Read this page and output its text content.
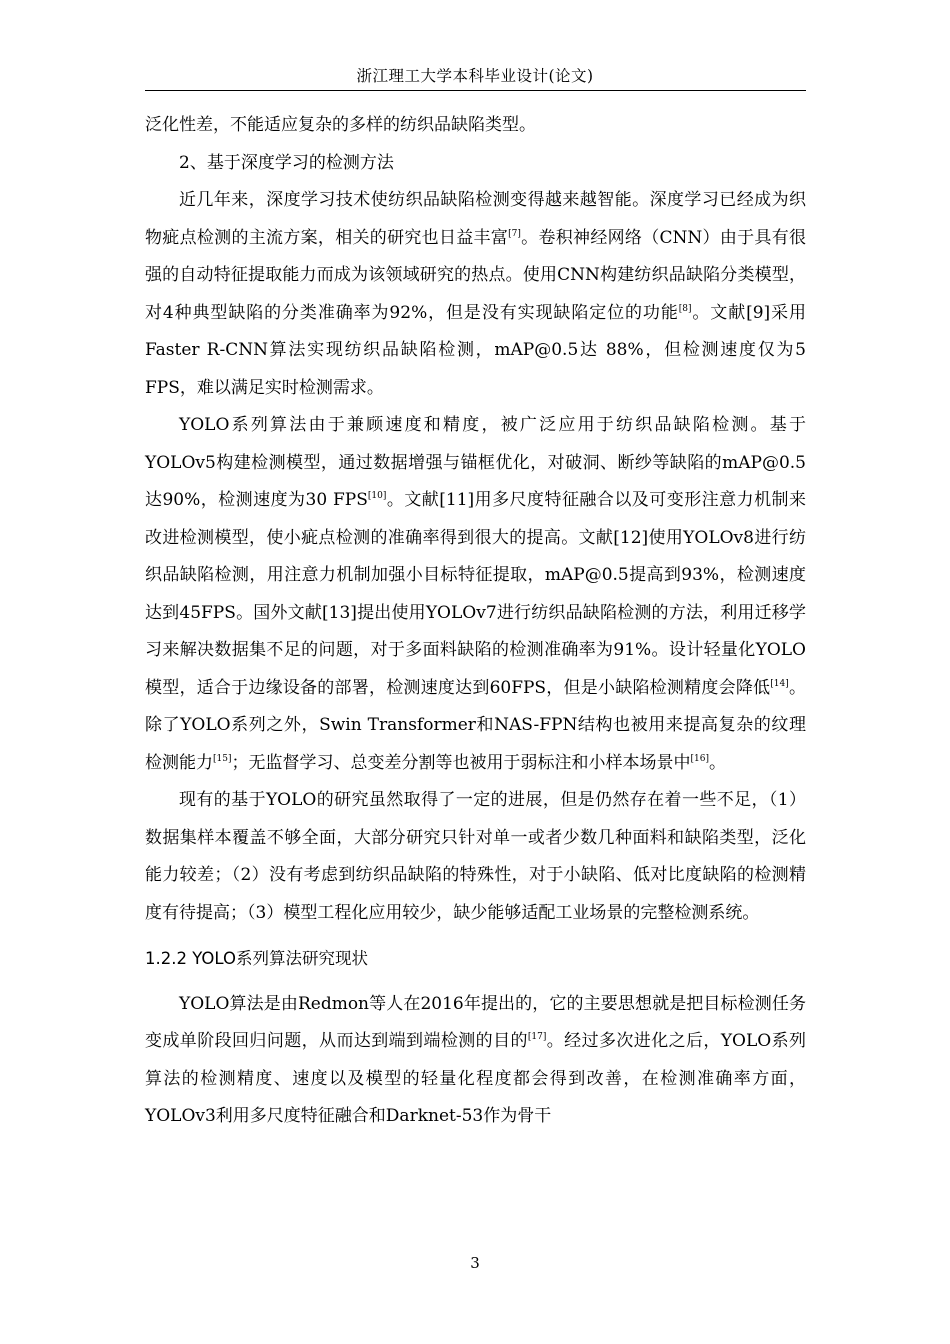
浙江理工大学本科毕业设计(论文)

泛化性差，不能适应复杂的多样的纺织品缺陷类型。

2、基于深度学习的检测方法

近几年来，深度学习技术使纺织品缺陷检测变得越来越智能。深度学习已经成为织物疵点检测的主流方案，相关的研究也日益丰富[7]。卷积神经网络（CNN）由于具有很强的自动特征提取能力而成为该领域研究的热点。使用CNN构建纺织品缺陷分类模型，对4种典型缺陷的分类准确率为92%，但是没有实现缺陷定位的功能[8]。文献[9]采用Faster R-CNN算法实现纺织品缺陷检测，mAP@0.5达 88%，但检测速度仅为5 FPS，难以满足实时检测需求。

YOLO系列算法由于兼顾速度和精度，被广泛应用于纺织品缺陷检测。基于 YOLOv5构建检测模型，通过数据增强与锚框优化，对破洞、断纱等缺陷的mAP@0.5达90%，检测速度为30 FPS[10]。文献[11]用多尺度特征融合以及可变形注意力机制来改进检测模型，使小疵点检测的准确率得到很大的提高。文献[12]使用YOLOv8进行纺织品缺陷检测，用注意力机制加强小目标特征提取，mAP@0.5提高到93%，检测速度达到45FPS。国外文献[13]提出使用YOLOv7进行纺织品缺陷检测的方法，利用迁移学习来解决数据集不足的问题，对于多面料缺陷的检测准确率为91%。设计轻量化YOLO模型，适合于边缘设备的部署，检测速度达到60FPS，但是小缺陷检测精度会降低[14]。除了YOLO系列之外，Swin Transformer和NAS-FPN结构也被用来提高复杂的纹理检测能力[15]；无监督学习、总变差分割等也被用于弱标注和小样本场景中[16]。

现有的基于YOLO的研究虽然取得了一定的进展，但是仍然存在着一些不足，（1）数据集样本覆盖不够全面，大部分研究只针对单一或者少数几种面料和缺陷类型，泛化能力较差；（2）没有考虑到纺织品缺陷的特殊性，对于小缺陷、低对比度缺陷的检测精度有待提高；（3）模型工程化应用较少，缺少能够适配工业场景的完整检测系统。

1.2.2 YOLO系列算法研究现状

YOLO算法是由Redmon等人在2016年提出的，它的主要思想就是把目标检测任务变成单阶段回归问题，从而达到端到端检测的目的[17]。经过多次进化之后，YOLO系列算法的检测精度、速度以及模型的轻量化程度都会得到改善，在检测准确率方面，YOLOv3利用多尺度特征融合和Darknet-53作为骨干

3
